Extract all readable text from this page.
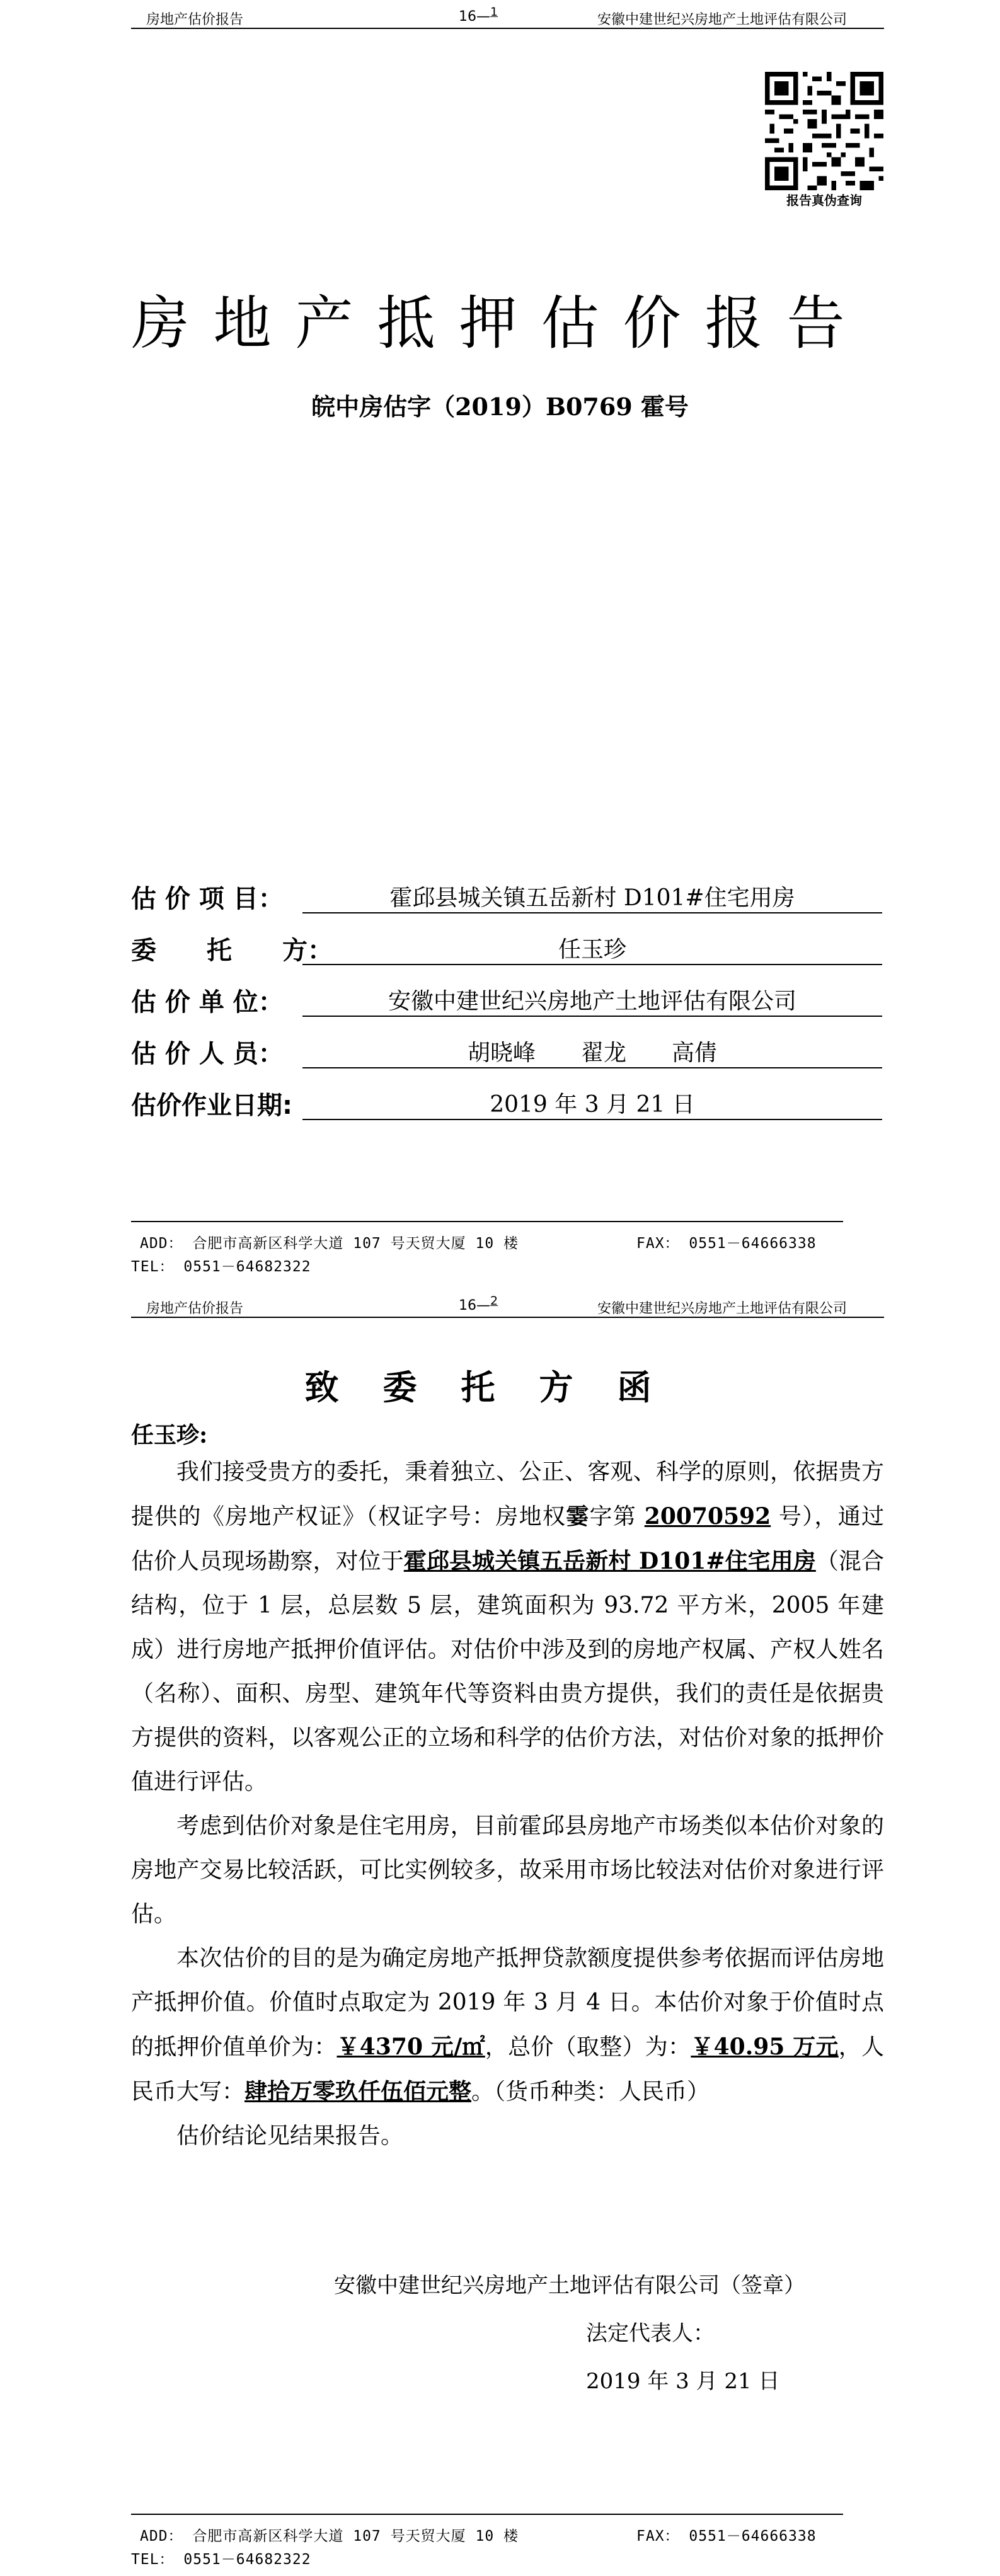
房地产估价报告	16—1	安徽中建世纪兴房地产土地评估有限公司
报告真伪查询
房地产抵押估价报告
皖中房估字（2019）B0769 霍号
估 价 项 目：	霍邱县城关镇五岳新村 D101#住宅用房
委　　托　　方：	任玉珍
估 价 单 位：	安徽中建世纪兴房地产土地评估有限公司
估 价 人 员：	胡晓峰　　翟龙　　高倩
估价作业日期:	2019 年 3 月 21 日
ADD： 合肥市高新区科学大道 107 号天贸大厦 10 楼	FAX： 0551－64666338
TEL： 0551－64682322
房地产估价报告	16—2	安徽中建世纪兴房地产土地评估有限公司
致委托方函
任玉珍:

我们接受贵方的委托，秉着独立、公正、客观、科学的原则，依据贵方提供的《房地产权证》（权证字号：房地权霎字第 20070592 号），通过估价人员现场勘察，对位于霍邱县城关镇五岳新村 D101#住宅用房（混合结构，位于 1 层，总层数 5 层，建筑面积为 93.72 平方米，2005 年建成）进行房地产抵押价值评估。对估价中涉及到的房地产权属、产权人姓名（名称）、面积、房型、建筑年代等资料由贵方提供，我们的责任是依据贵方提供的资料，以客观公正的立场和科学的估价方法，对估价对象的抵押价值进行评估。

考虑到估价对象是住宅用房，目前霍邱县房地产市场类似本估价对象的房地产交易比较活跃，可比实例较多，故采用市场比较法对估价对象进行评估。

本次估价的目的是为确定房地产抵押贷款额度提供参考依据而评估房地产抵押价值。价值时点取定为 2019 年 3 月 4 日。本估价对象于价值时点的抵押价值单价为：￥4370 元/㎡，总价（取整）为：￥40.95 万元，人民币大写：肆拾万零玖仟伍佰元整。（货币种类：人民币）

估价结论见结果报告。

安徽中建世纪兴房地产土地评估有限公司（签章）
法定代表人：
2019 年 3 月 21 日
ADD： 合肥市高新区科学大道 107 号天贸大厦 10 楼	FAX： 0551－64666338
TEL： 0551－64682322
